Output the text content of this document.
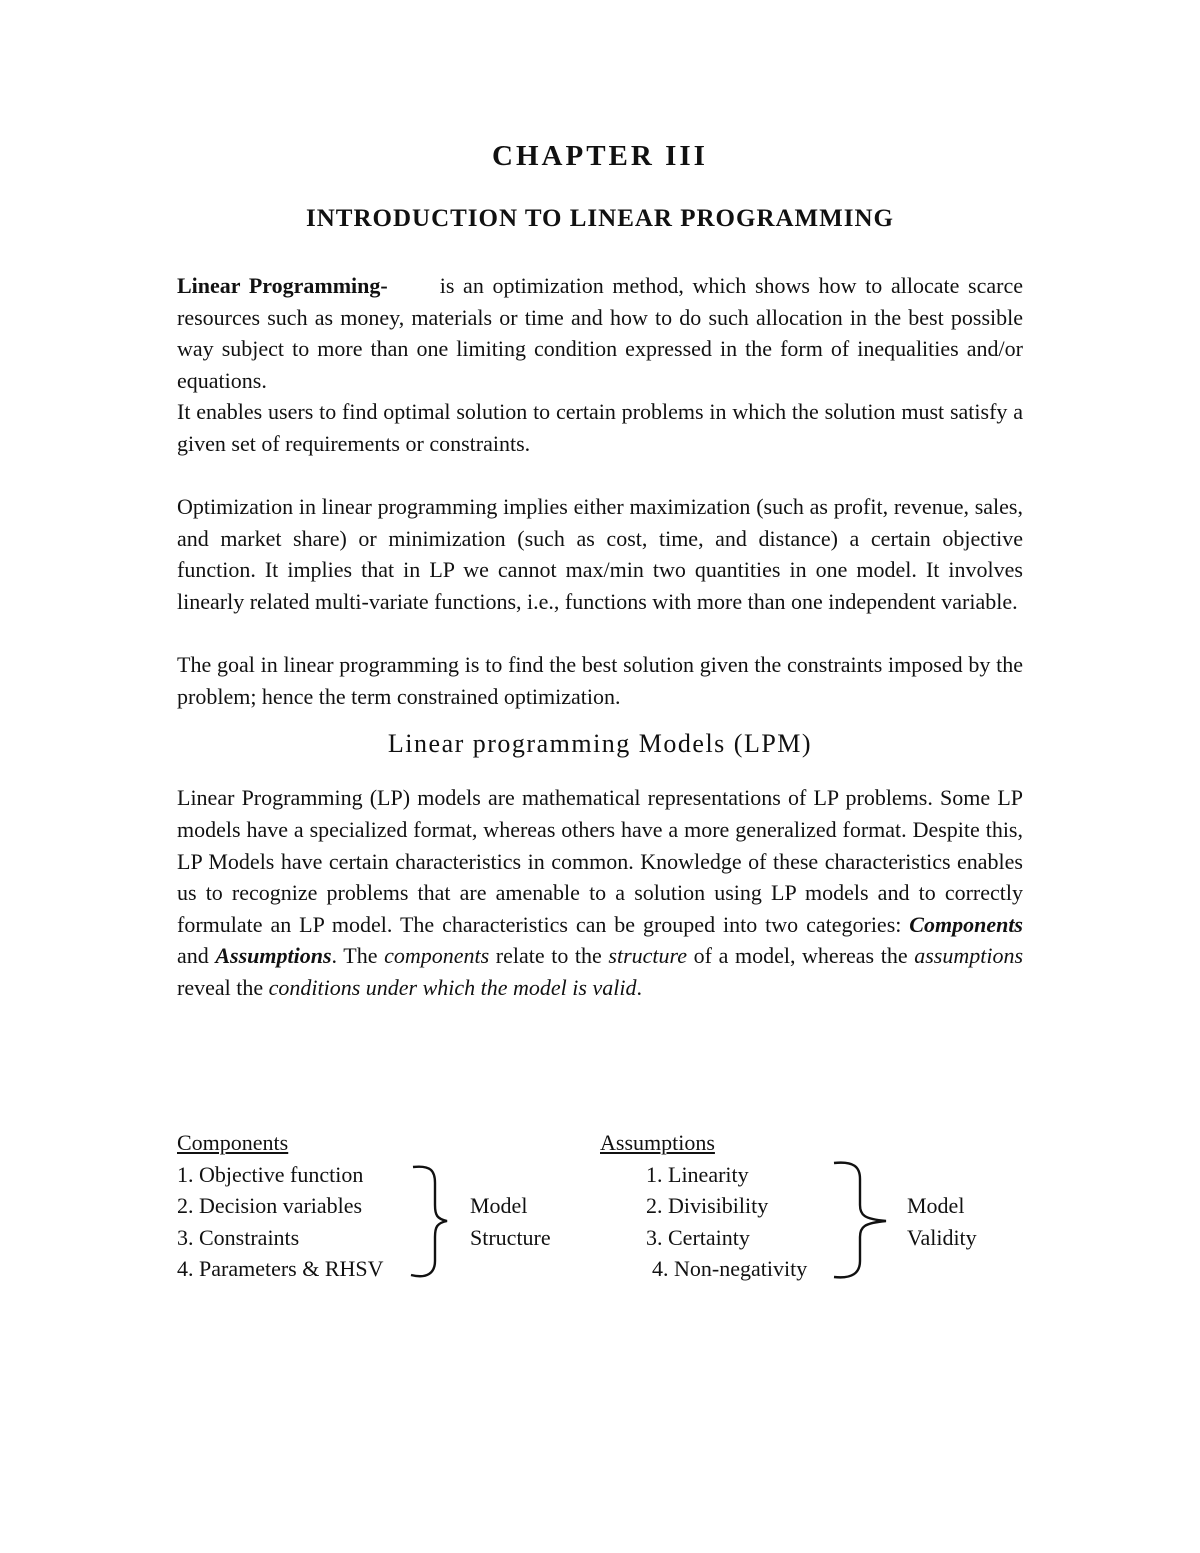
CHAPTER III
INTRODUCTION TO LINEAR PROGRAMMING

Linear Programming- is an optimization method, which shows how to allocate scarce resources such as money, materials or time and how to do such allocation in the best possible way subject to more than one limiting condition expressed in the form of inequalities and/or equations.

It enables users to find optimal solution to certain problems in which the solution must satisfy a given set of requirements or constraints.

Optimization in linear programming implies either maximization (such as profit, revenue, sales, and market share) or minimization (such as cost, time, and distance) a certain objective function. It implies that in LP we cannot max/min two quantities in one model. It involves linearly related multi-variate functions, i.e., functions with more than one independent variable.

The goal in linear programming is to find the best solution given the constraints imposed by the problem; hence the term constrained optimization.

Linear programming Models (LPM)

Linear Programming (LP) models are mathematical representations of LP problems. Some LP models have a specialized format, whereas others have a more generalized format. Despite this, LP Models have certain characteristics in common. Knowledge of these characteristics enables us to recognize problems that are amenable to a solution using LP models and to correctly formulate an LP model. The characteristics can be grouped into two categories: Components and Assumptions. The components relate to the structure of a model, whereas the assumptions reveal the conditions under which the model is valid.

Components
1. Objective function
2. Decision variables
3. Constraints
4. Parameters & RHSV
Model
Structure
Assumptions
1. Linearity
2. Divisibility
3. Certainty
4. Non-negativity
Model
Validity
